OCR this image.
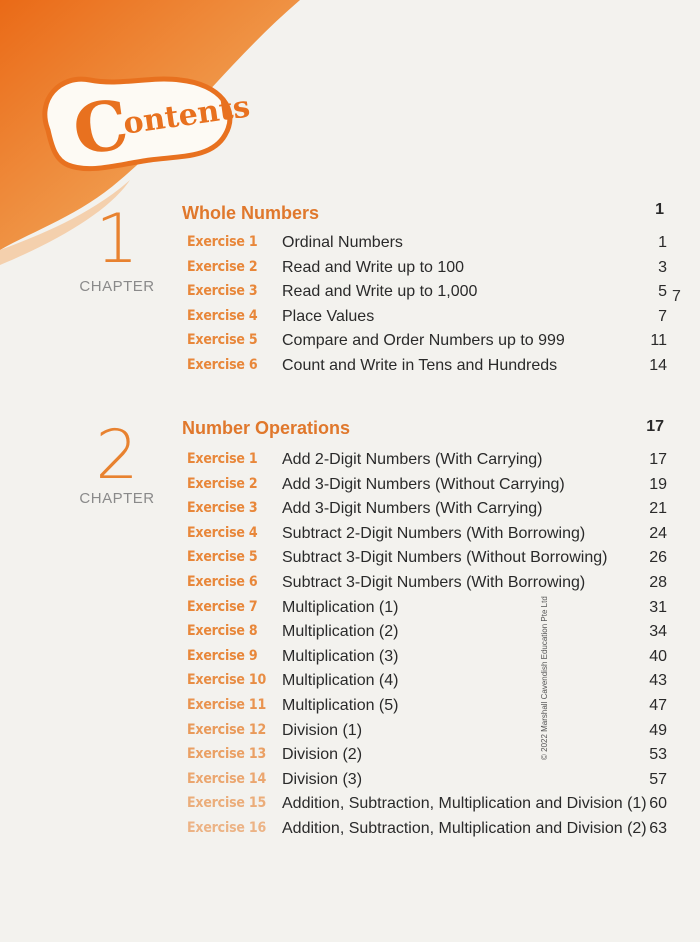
Contents
1
CHAPTER
Whole Numbers	1
Exercise 1 Ordinal Numbers	1
Exercise 2 Read and Write up to 100	3
Exercise 3 Read and Write up to 1,000	5
Exercise 4 Place Values	7
Exercise 5 Compare and Order Numbers up to 999	11
Exercise 6 Count and Write in Tens and Hundreds	14
2
CHAPTER
Number Operations	17
Exercise 1 Add 2-Digit Numbers (With Carrying)	17
Exercise 2 Add 3-Digit Numbers (Without Carrying)	19
Exercise 3 Add 3-Digit Numbers (With Carrying)	21
Exercise 4 Subtract 2-Digit Numbers (With Borrowing)	24
Exercise 5 Subtract 3-Digit Numbers (Without Borrowing)	26
Exercise 6 Subtract 3-Digit Numbers (With Borrowing)	28
Exercise 7 Multiplication (1)	31
Exercise 8 Multiplication (2)	34
Exercise 9 Multiplication (3)	40
Exercise 10 Multiplication (4)	43
Exercise 11 Multiplication (5)	47
Exercise 12 Division (1)	49
Exercise 13 Division (2)	53
Exercise 14 Division (3)	57
Exercise 15 Addition, Subtraction, Multiplication and Division (1) 60
Exercise 16 Addition, Subtraction, Multiplication and Division (2) 63
7
© 2022 Marshall Cavendish Education Pte Ltd
